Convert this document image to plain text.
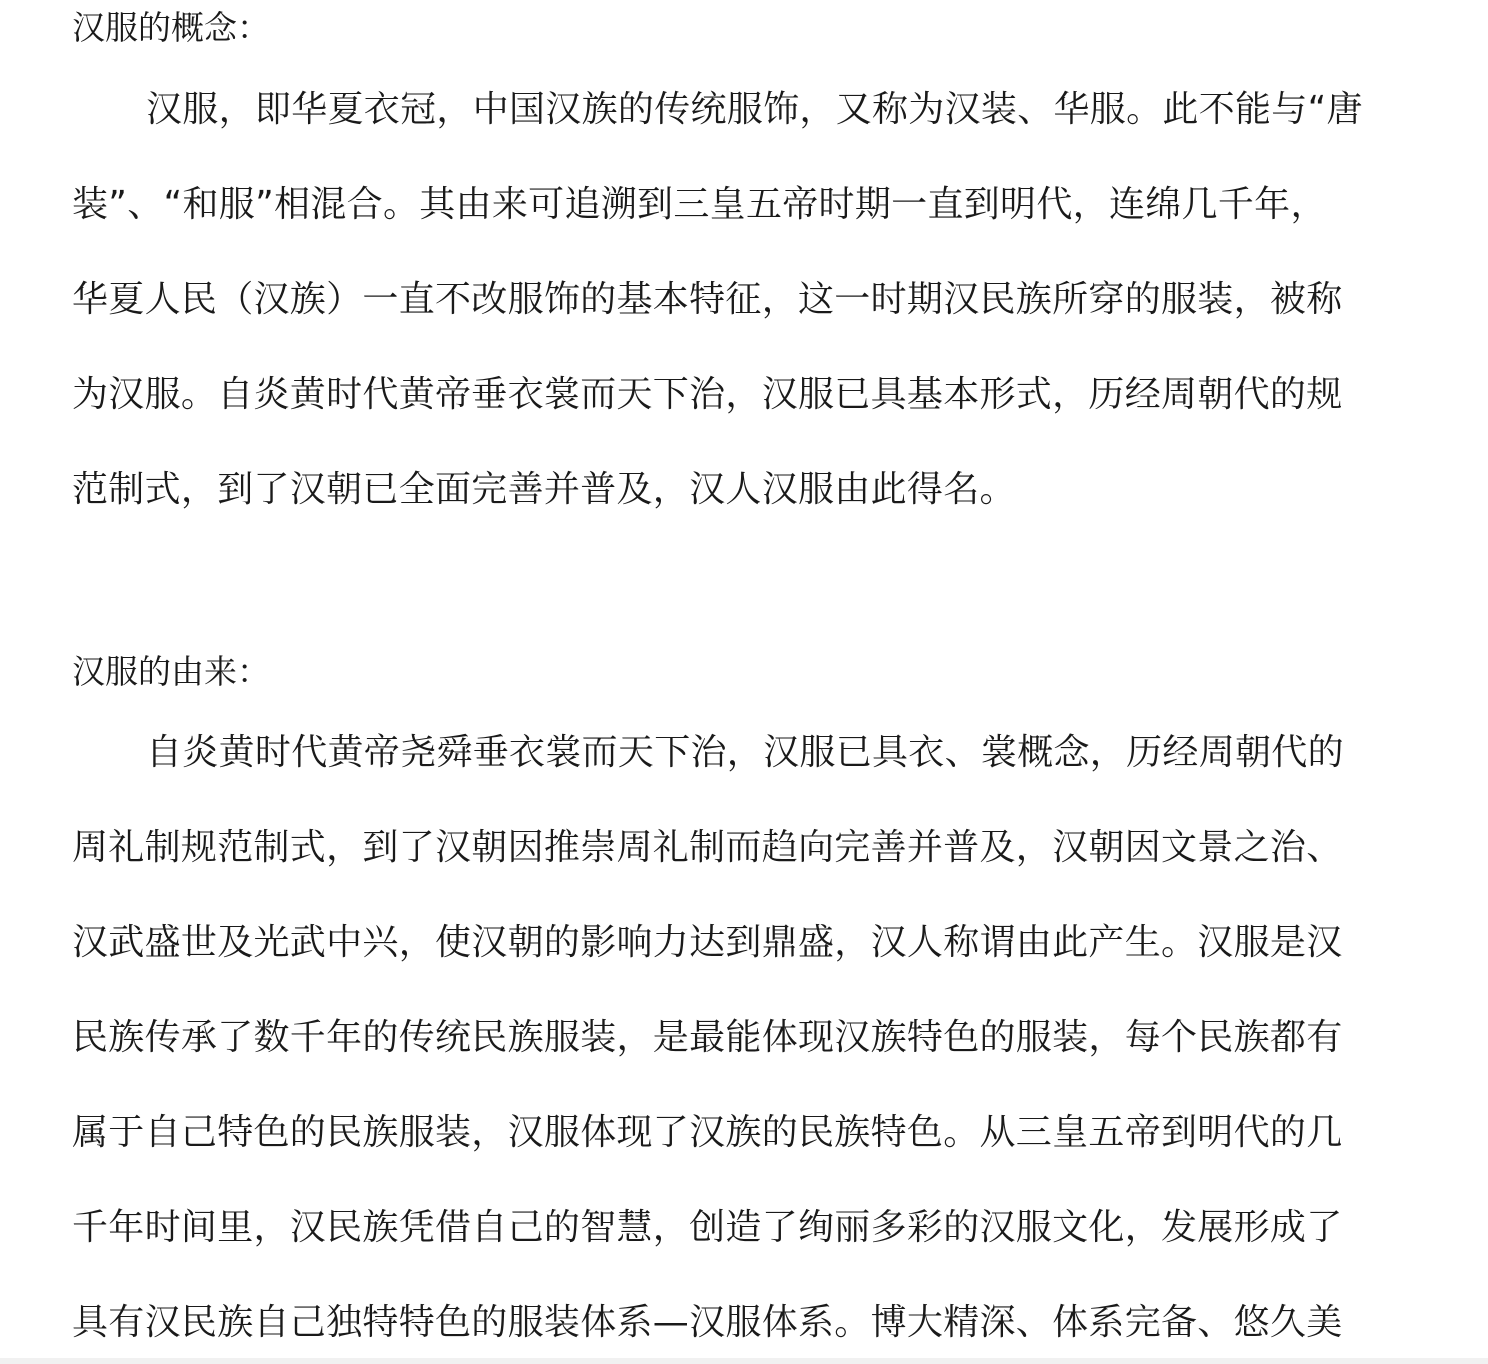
汉服的概念：
汉服，即华夏衣冠，中国汉族的传统服饰，又称为汉装、华服。此不能与“唐
装”、“和服”相混合。其由来可追溯到三皇五帝时期一直到明代，连绵几千年，
华夏人民（汉族）一直不改服饰的基本特征，这一时期汉民族所穿的服装，被称
为汉服。自炎黄时代黄帝垂衣裳而天下治，汉服已具基本形式，历经周朝代的规
范制式，到了汉朝已全面完善并普及，汉人汉服由此得名。
汉服的由来：
自炎黄时代黄帝尧舜垂衣裳而天下治，汉服已具衣、裳概念，历经周朝代的
周礼制规范制式，到了汉朝因推崇周礼制而趋向完善并普及，汉朝因文景之治、
汉武盛世及光武中兴，使汉朝的影响力达到鼎盛，汉人称谓由此产生。汉服是汉
民族传承了数千年的传统民族服装，是最能体现汉族特色的服装，每个民族都有
属于自己特色的民族服装，汉服体现了汉族的民族特色。从三皇五帝到明代的几
千年时间里，汉民族凭借自己的智慧，创造了绚丽多彩的汉服文化，发展形成了
具有汉民族自己独特特色的服装体系—汉服体系。博大精深、体系完备、悠久美
